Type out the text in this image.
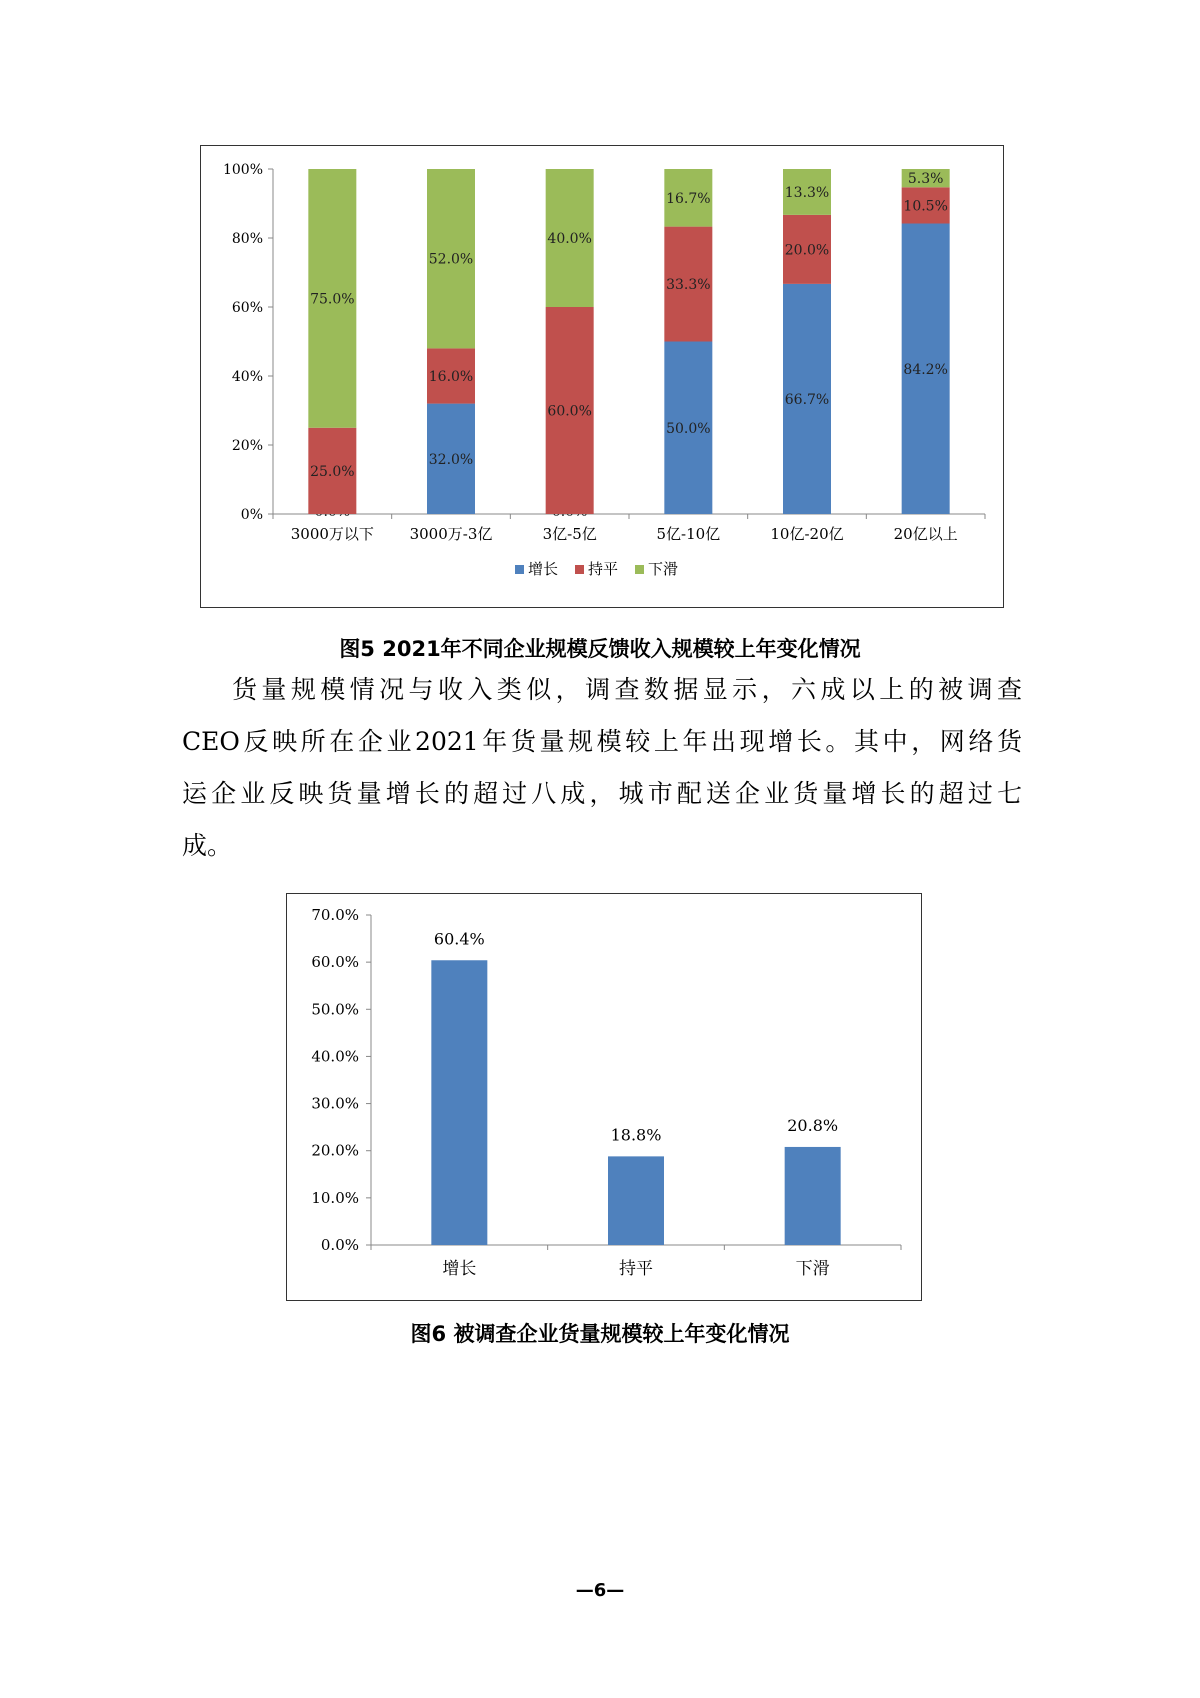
0%
20%
40%
60%
80%
100%
25.0%
75.0%
3000万以下
32.0%
16.0%
52.0%
3000万-3亿
60.0%
40.0%
3亿-5亿
50.0%
33.3%
16.7%
5亿-10亿
66.7%
20.0%
13.3%
10亿-20亿
84.2%
10.5%
5.3%
20亿以上
增长 持平 下滑
图5 2021年不同企业规模反馈收入规模较上年变化情况

货量规模情况与收入类似，调查数据显示，六成以上的被调查
CEO反映所在企业2021年货量规模较上年出现增长。其中，网络货
运企业反映货量增长的超过八成，城市配送企业货量增长的超过七
成。

0.0%
10.0%
20.0%
30.0%
40.0%
50.0%
60.0%
70.0%
60.4%
增长
18.8%
持平
20.8%
下滑
图6 被调查企业货量规模较上年变化情况
—6—
